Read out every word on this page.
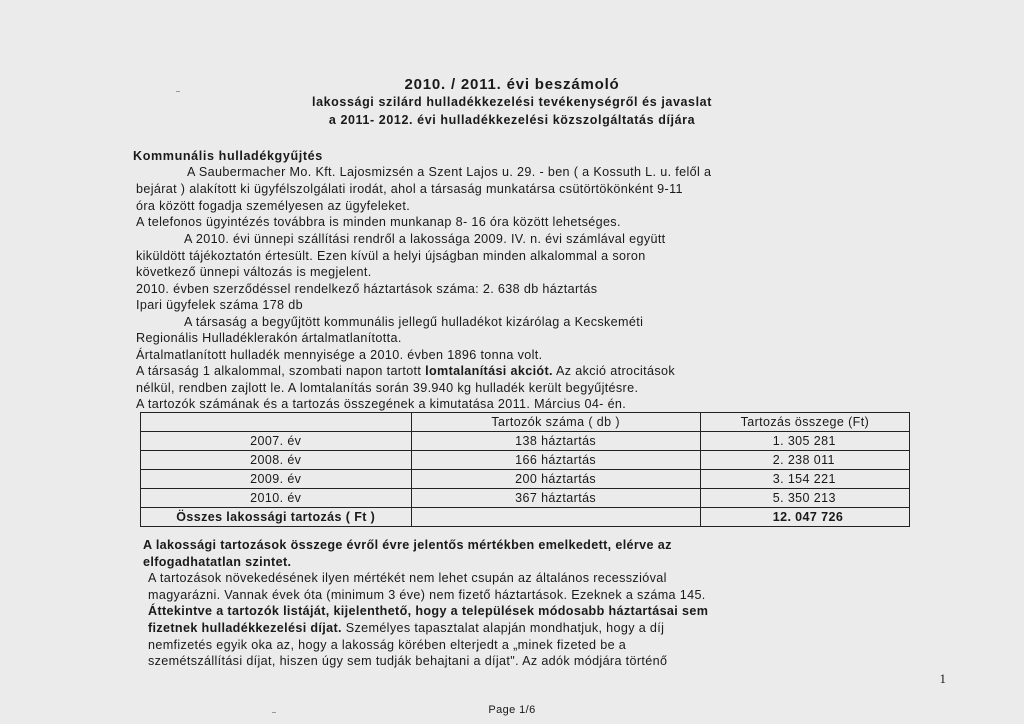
2010. / 2011. évi beszámoló
lakossági szilárd hulladékkezelési tevékenységről és javaslat
a 2011- 2012. évi hulladékkezelési közszolgáltatás díjára
Kommunális hulladékgyűjtés
A Saubermacher Mo. Kft. Lajosmizsén a Szent Lajos u. 29. - ben ( a Kossuth L. u. felől a
bejárat ) alakított ki ügyfélszolgálati irodát, ahol a társaság munkatársa csütörtökönként 9-11
óra között fogadja személyesen az ügyfeleket.
A telefonos ügyintézés továbbra is minden munkanap 8- 16 óra között lehetséges.
A 2010. évi ünnepi szállítási rendről a lakossága 2009. IV. n. évi számlával együtt
kiküldött tájékoztatón értesült. Ezen kívül a helyi újságban minden alkalommal a soron
következő ünnepi változás is megjelent.
2010. évben szerződéssel rendelkező háztartások száma: 2. 638 db háztartás
Ipari ügyfelek száma 178 db
A társaság a begyűjtött kommunális jellegű hulladékot kizárólag a Kecskeméti
Regionális Hulladéklerakón ártalmatlanította.
Ártalmatlanított hulladék mennyisége a 2010. évben 1896 tonna volt.
A társaság 1 alkalommal, szombati napon tartott lomtalanítási akciót. Az akció atrocitások
nélkül, rendben zajlott le. A lomtalanítás során 39.940 kg hulladék került begyűjtésre.
A tartozók számának és a tartozás összegének a kimutatása 2011. Március 04- én.
	Tartozók száma ( db )	Tartozás összege (Ft)
2007. év	138 háztartás	1. 305 281
2008. év	166 háztartás	2. 238 011
2009. év	200 háztartás	3. 154 221
2010. év	367 háztartás	5. 350 213
Összes lakossági tartozás ( Ft )		12. 047 726
A lakossági tartozások összege évről évre jelentős mértékben emelkedett, elérve az
elfogadhatatlan szintet.
A tartozások növekedésének ilyen mértékét nem lehet csupán az általános recesszióval
magyarázni. Vannak évek óta (minimum 3 éve) nem fizető háztartások. Ezeknek a száma 145.
Áttekintve a tartozók listáját, kijelenthető, hogy a települések módosabb háztartásai sem
fizetnek hulladékkezelési díjat. Személyes tapasztalat alapján mondhatjuk, hogy a díj
nemfizetés egyik oka az, hogy a lakosság körében elterjedt a „minek fizeted be a
szemétszállítási díjat, hiszen úgy sem tudják behajtani a díjat". Az adók módjára történő
1
Page 1/6
